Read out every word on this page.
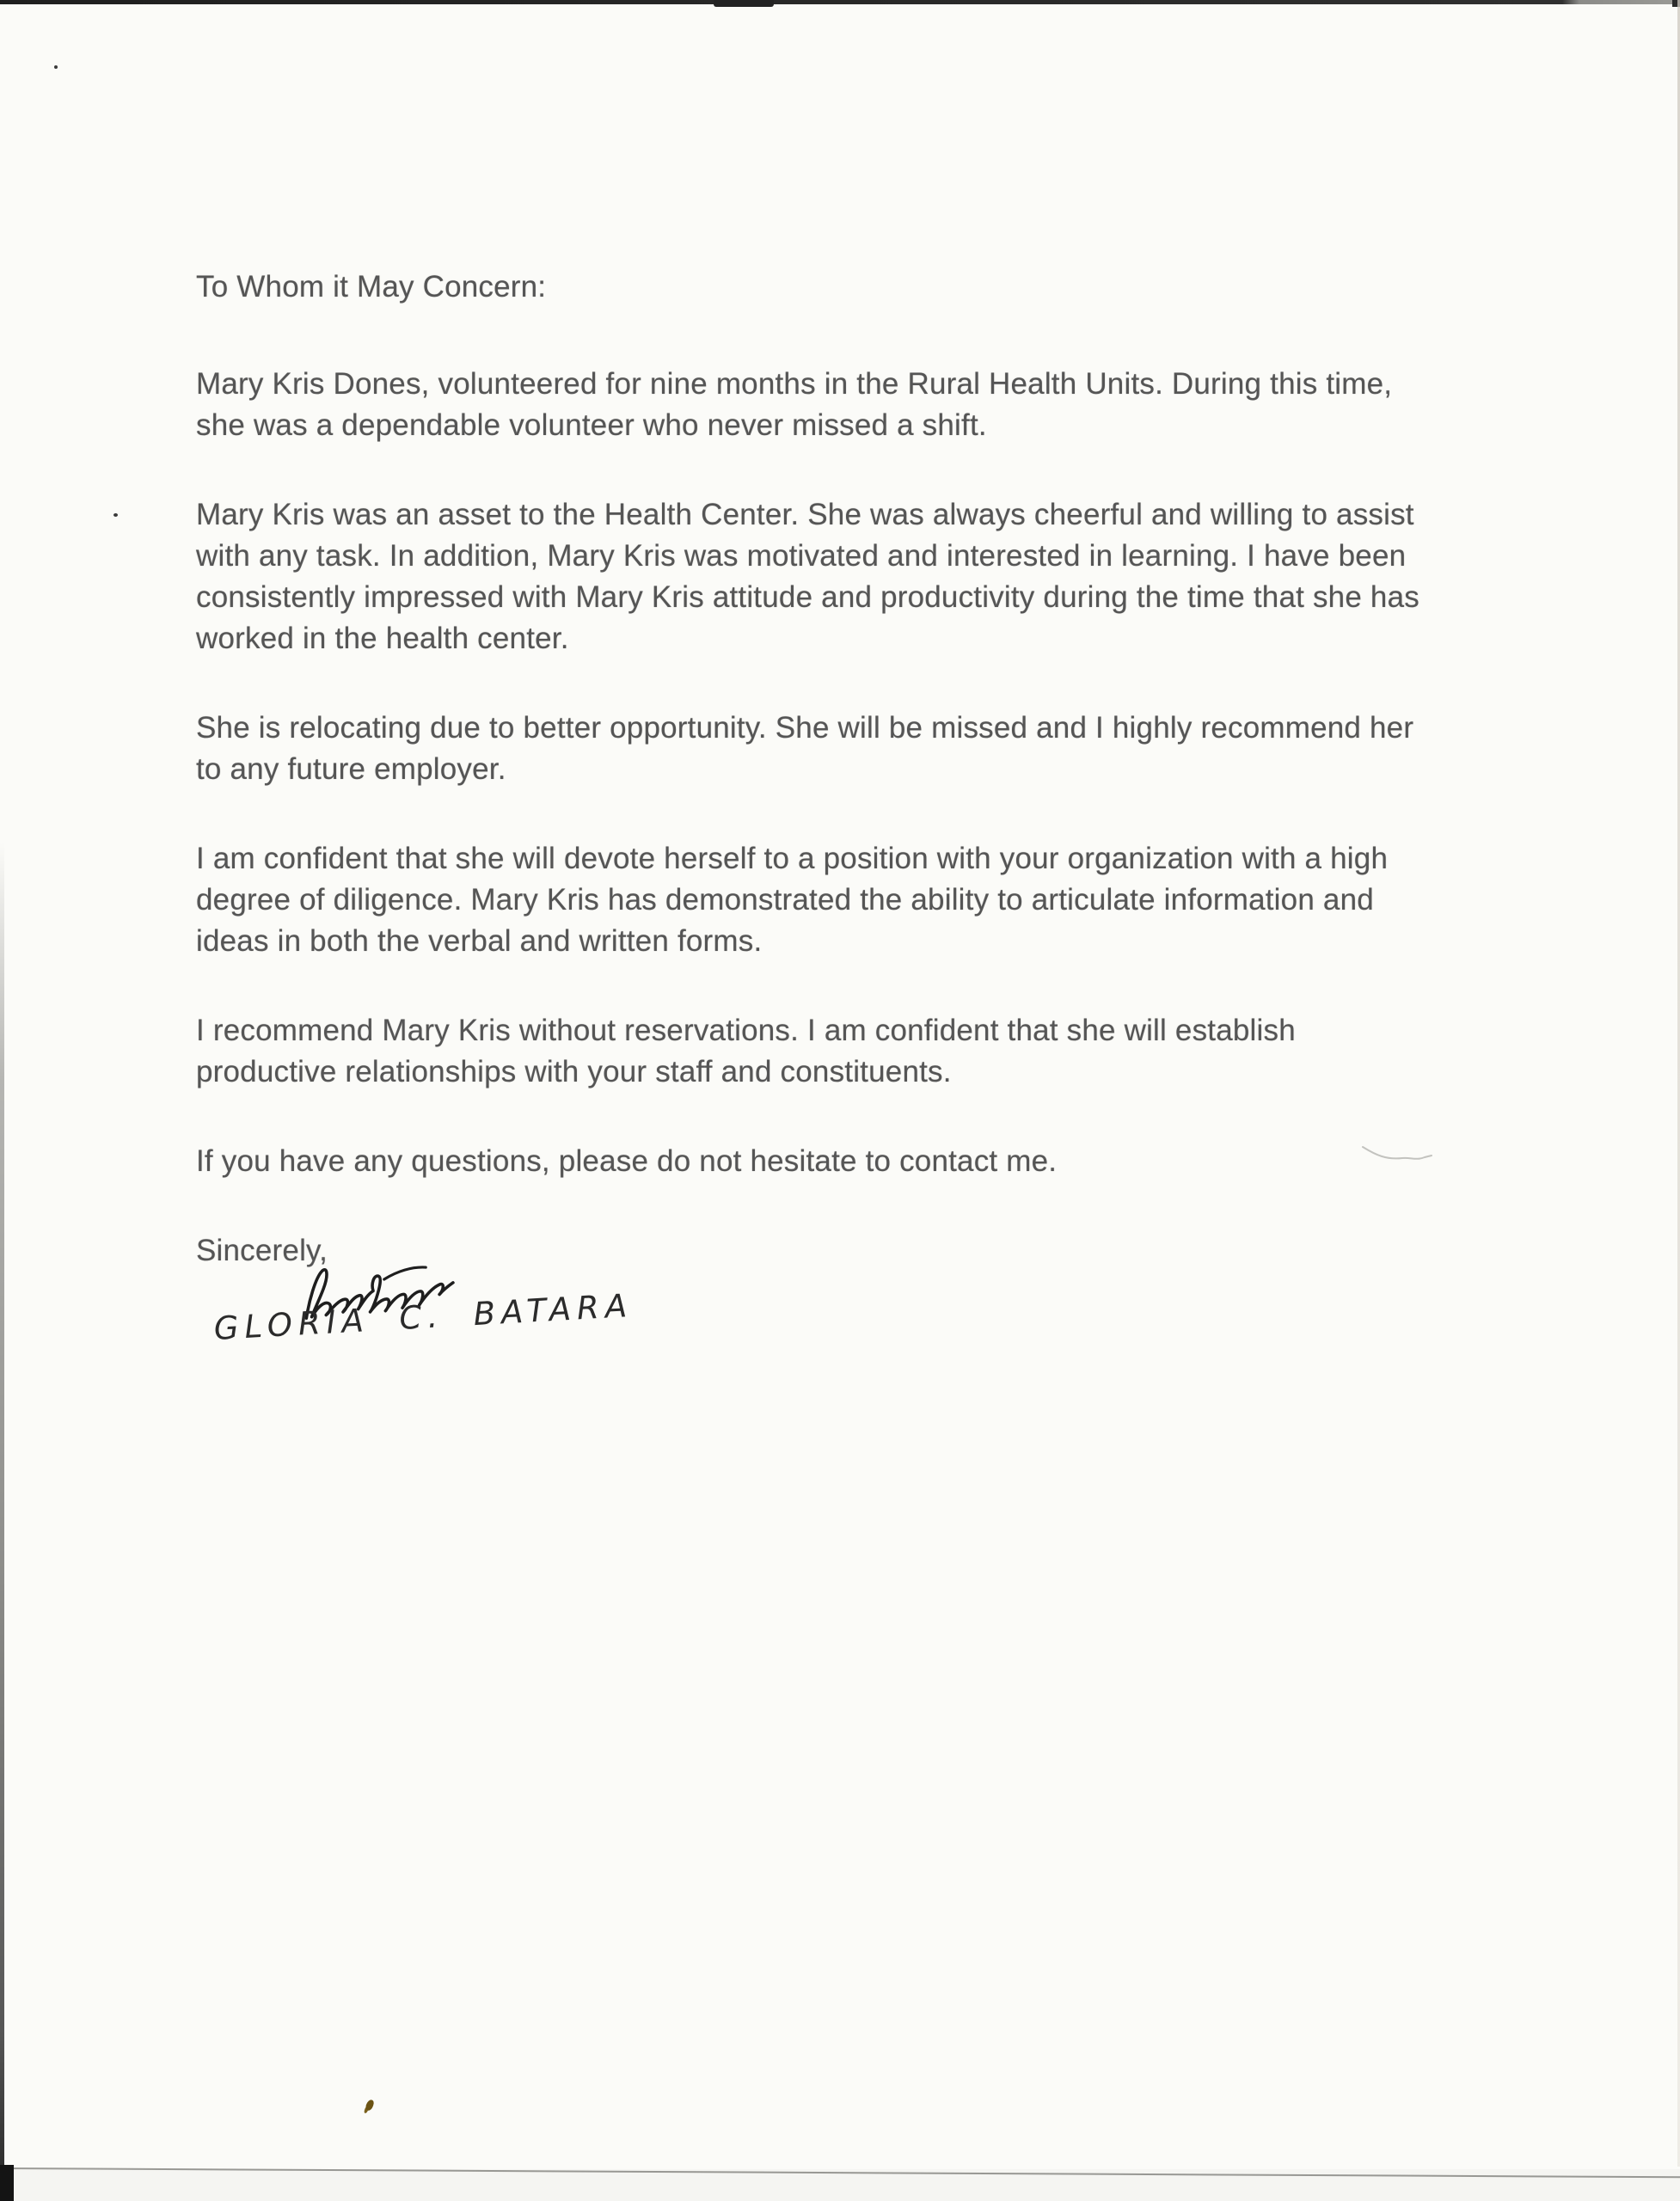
To Whom it May Concern:
Mary Kris Dones, volunteered for nine months in the Rural Health Units. During this time,
she was a dependable volunteer who never missed a shift.
Mary Kris was an asset to the Health Center. She was always cheerful and willing to assist
with any task. In addition, Mary Kris was motivated and interested in learning. I have been
consistently impressed with Mary Kris attitude and productivity during the time that she has
worked in the health center.
She is relocating due to better opportunity. She will be missed and I highly recommend her
to any future employer.
I am confident that she will devote herself to a position with your organization with a high
degree of diligence. Mary Kris has demonstrated the ability to articulate information and
ideas in both the verbal and written forms.
I recommend Mary Kris without reservations. I am confident that she will establish
productive relationships with your staff and constituents.
If you have any questions, please do not hesitate to contact me.
Sincerely,
GLORIA C. BATARA
